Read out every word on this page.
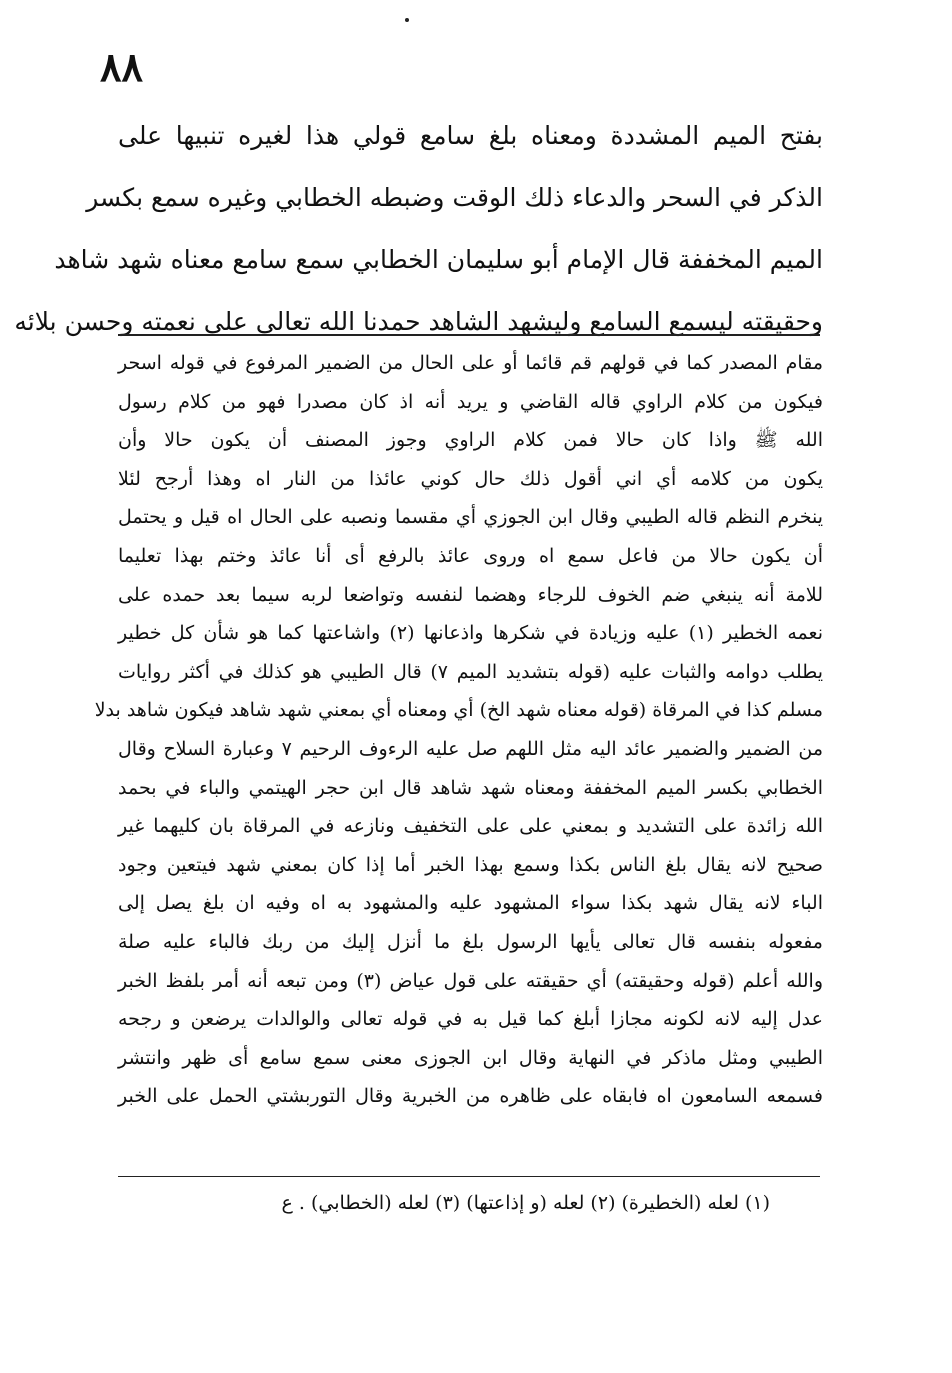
٨٨
بفتح الميم المشددة ومعناه بلغ سامع قولي هذا لغيره تنبيها على
الذكر في السحر والدعاء ذلك الوقت وضبطه الخطابي وغيره سمع بكسر
الميم المخففة قال الإمام أبو سليمان الخطابي سمع سامع معناه شهد شاهد
وحقيقته ليسمع السامع وليشهد الشاهد حمدنا الله تعالى على نعمته وحسن بلائه
مقام المصدر كما في قولهم قم قائما أو على الحال من الضمير المرفوع في قوله اسحر
فيكون من كلام الراوي قاله القاضي و يريد أنه اذ كان مصدرا فهو من كلام رسول
الله ﷺ واذا كان حالا فمن كلام الراوي وجوز المصنف أن يكون حالا وأن
يكون من كلامه أي اني أقول ذلك حال كوني عائذا من النار اه وهذا أرجح لئلا
ينخرم النظم قاله الطيبي وقال ابن الجوزي أي مقسما ونصبه على الحال اه قيل و يحتمل
أن يكون حالا من فاعل سمع اه وروى عائذ بالرفع أى أنا عائذ وختم بهذا تعليما
للامة أنه ينبغي ضم الخوف للرجاء وهضما لنفسه وتواضعا لربه سيما بعد حمده على
نعمه الخطير (١) عليه وزيادة في شكرها واذعانها (٢) واشاعتها كما هو شأن كل خطير
يطلب دوامه والثبات عليه (قوله بتشديد الميم ٧) قال الطيبي هو كذلك في أكثر روايات
مسلم كذا في المرقاة (قوله معناه شهد الخ) أي ومعناه أي بمعني شهد شاهد فيكون شاهد بدلا
من الضمير والضمير عائد اليه مثل اللهم صل عليه الرءوف الرحيم ٧ وعبارة السلاح وقال
الخطابي بكسر الميم المخففة ومعناه شهد شاهد قال ابن حجر الهيتمي والباء في بحمد
الله زائدة على التشديد و بمعني على على التخفيف ونازعه في المرقاة بان كليهما غير
صحيح لانه يقال بلغ الناس بكذا وسمع بهذا الخبر أما إذا كان بمعني شهد فيتعين وجود
الباء لانه يقال شهد بكذا سواء المشهود عليه والمشهود به اه وفيه ان بلغ يصل إلى
مفعوله بنفسه قال تعالى يأيها الرسول بلغ ما أنزل إليك من ربك فالباء عليه صلة
والله أعلم (قوله وحقيقته) أي حقيقته على قول عياض (٣) ومن تبعه أنه أمر بلفظ الخبر
عدل إليه لانه لكونه مجازا أبلغ كما قيل به في قوله تعالى والوالدات يرضعن و رجحه
الطيبي ومثل ماذكر في النهاية وقال ابن الجوزى معنى سمع سامع أى ظهر وانتشر
فسمعه السامعون اه فابقاه على ظاهره من الخبرية وقال التوربشتي الحمل على الخبر
(١) لعله (الخطيرة) (٢) لعله (و إذاعتها) (٣) لعله (الخطابي) . ع
